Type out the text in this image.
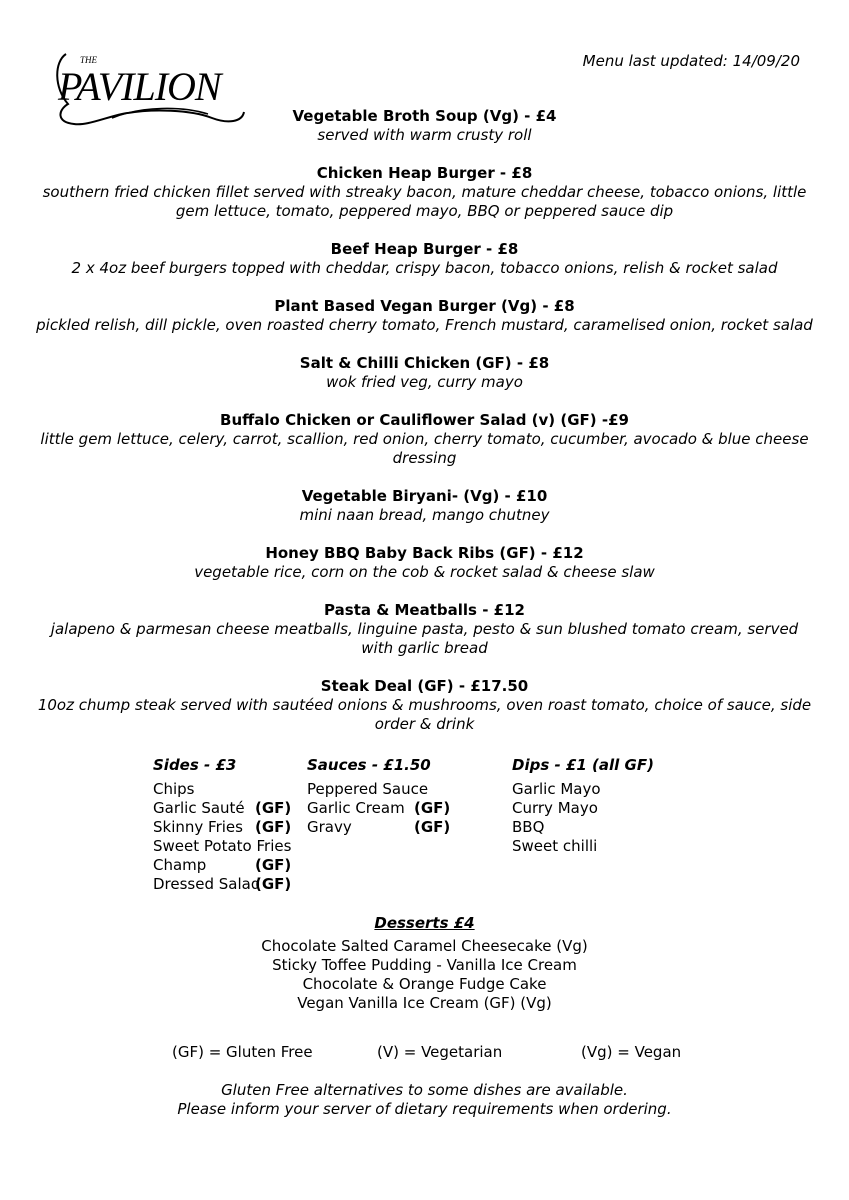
THE
PAVILION
Menu last updated: 14/09/20
Vegetable Broth Soup (Vg) - £4
served with warm crusty roll
Chicken Heap Burger - £8
southern fried chicken fillet served with streaky bacon, mature cheddar cheese, tobacco onions, little gem lettuce, tomato, peppered mayo, BBQ or peppered sauce dip
Beef Heap Burger - £8
2 x 4oz beef burgers topped with cheddar, crispy bacon, tobacco onions, relish & rocket salad
Plant Based Vegan Burger (Vg) - £8
pickled relish, dill pickle, oven roasted cherry tomato, French mustard, caramelised onion, rocket salad
Salt & Chilli Chicken (GF) - £8
wok fried veg, curry mayo
Buffalo Chicken or Cauliflower Salad (v) (GF) -£9
little gem lettuce, celery, carrot, scallion, red onion, cherry tomato, cucumber, avocado & blue cheese dressing
Vegetable Biryani- (Vg) - £10
mini naan bread, mango chutney
Honey BBQ Baby Back Ribs (GF) - £12
vegetable rice, corn on the cob & rocket salad & cheese slaw
Pasta & Meatballs - £12
jalapeno & parmesan cheese meatballs, linguine pasta, pesto & sun blushed tomato cream, served with garlic bread
Steak Deal (GF) - £17.50
10oz chump steak served with sautéed onions & mushrooms, oven roast tomato, choice of sauce, side order & drink
Sides - £3
Chips
Garlic Sauté (GF)
Skinny Fries (GF)
Sweet Potato Fries
Champ	(GF)
Dressed Salad
(GF)
Sauces - £1.50
Peppered Sauce
Garlic Cream (GF)
Gravy	(GF)
Dips - £1 (all GF)
Garlic Mayo
Curry Mayo
BBQ
Sweet chilli
Desserts £4
Chocolate Salted Caramel Cheesecake (Vg)
Sticky Toffee Pudding - Vanilla Ice Cream
Chocolate & Orange Fudge Cake
Vegan Vanilla Ice Cream (GF) (Vg)
(GF) = Gluten Free	(V) = Vegetarian	(Vg) = Vegan
Gluten Free alternatives to some dishes are available.
Please inform your server of dietary requirements when ordering.
